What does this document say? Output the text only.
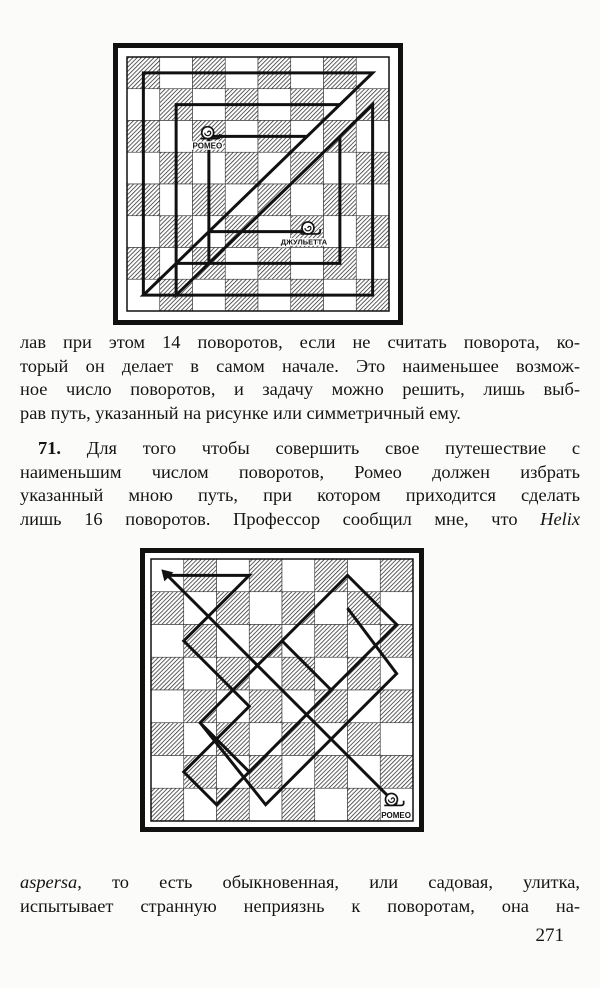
РОМЕО
ДЖУЛЬЕТТА
лав при этом 14 поворотов, если не считать поворота, ко-
торый он делает в самом начале. Это наименьшее возмож-
ное число поворотов, и задачу можно решить, лишь выб-
рав путь, указанный на рисунке или симметричный ему.
71. Для того чтобы совершить свое путешествие с
наименьшим числом поворотов, Ромео должен избрать
указанный мною путь, при котором приходится сделать
лишь 16 поворотов. Профессор сообщил мне, что Helix
РОМЕО
aspersa, то есть обыкновенная, или садовая, улитка,
испытывает странную неприязнь к поворотам, она на-
271
